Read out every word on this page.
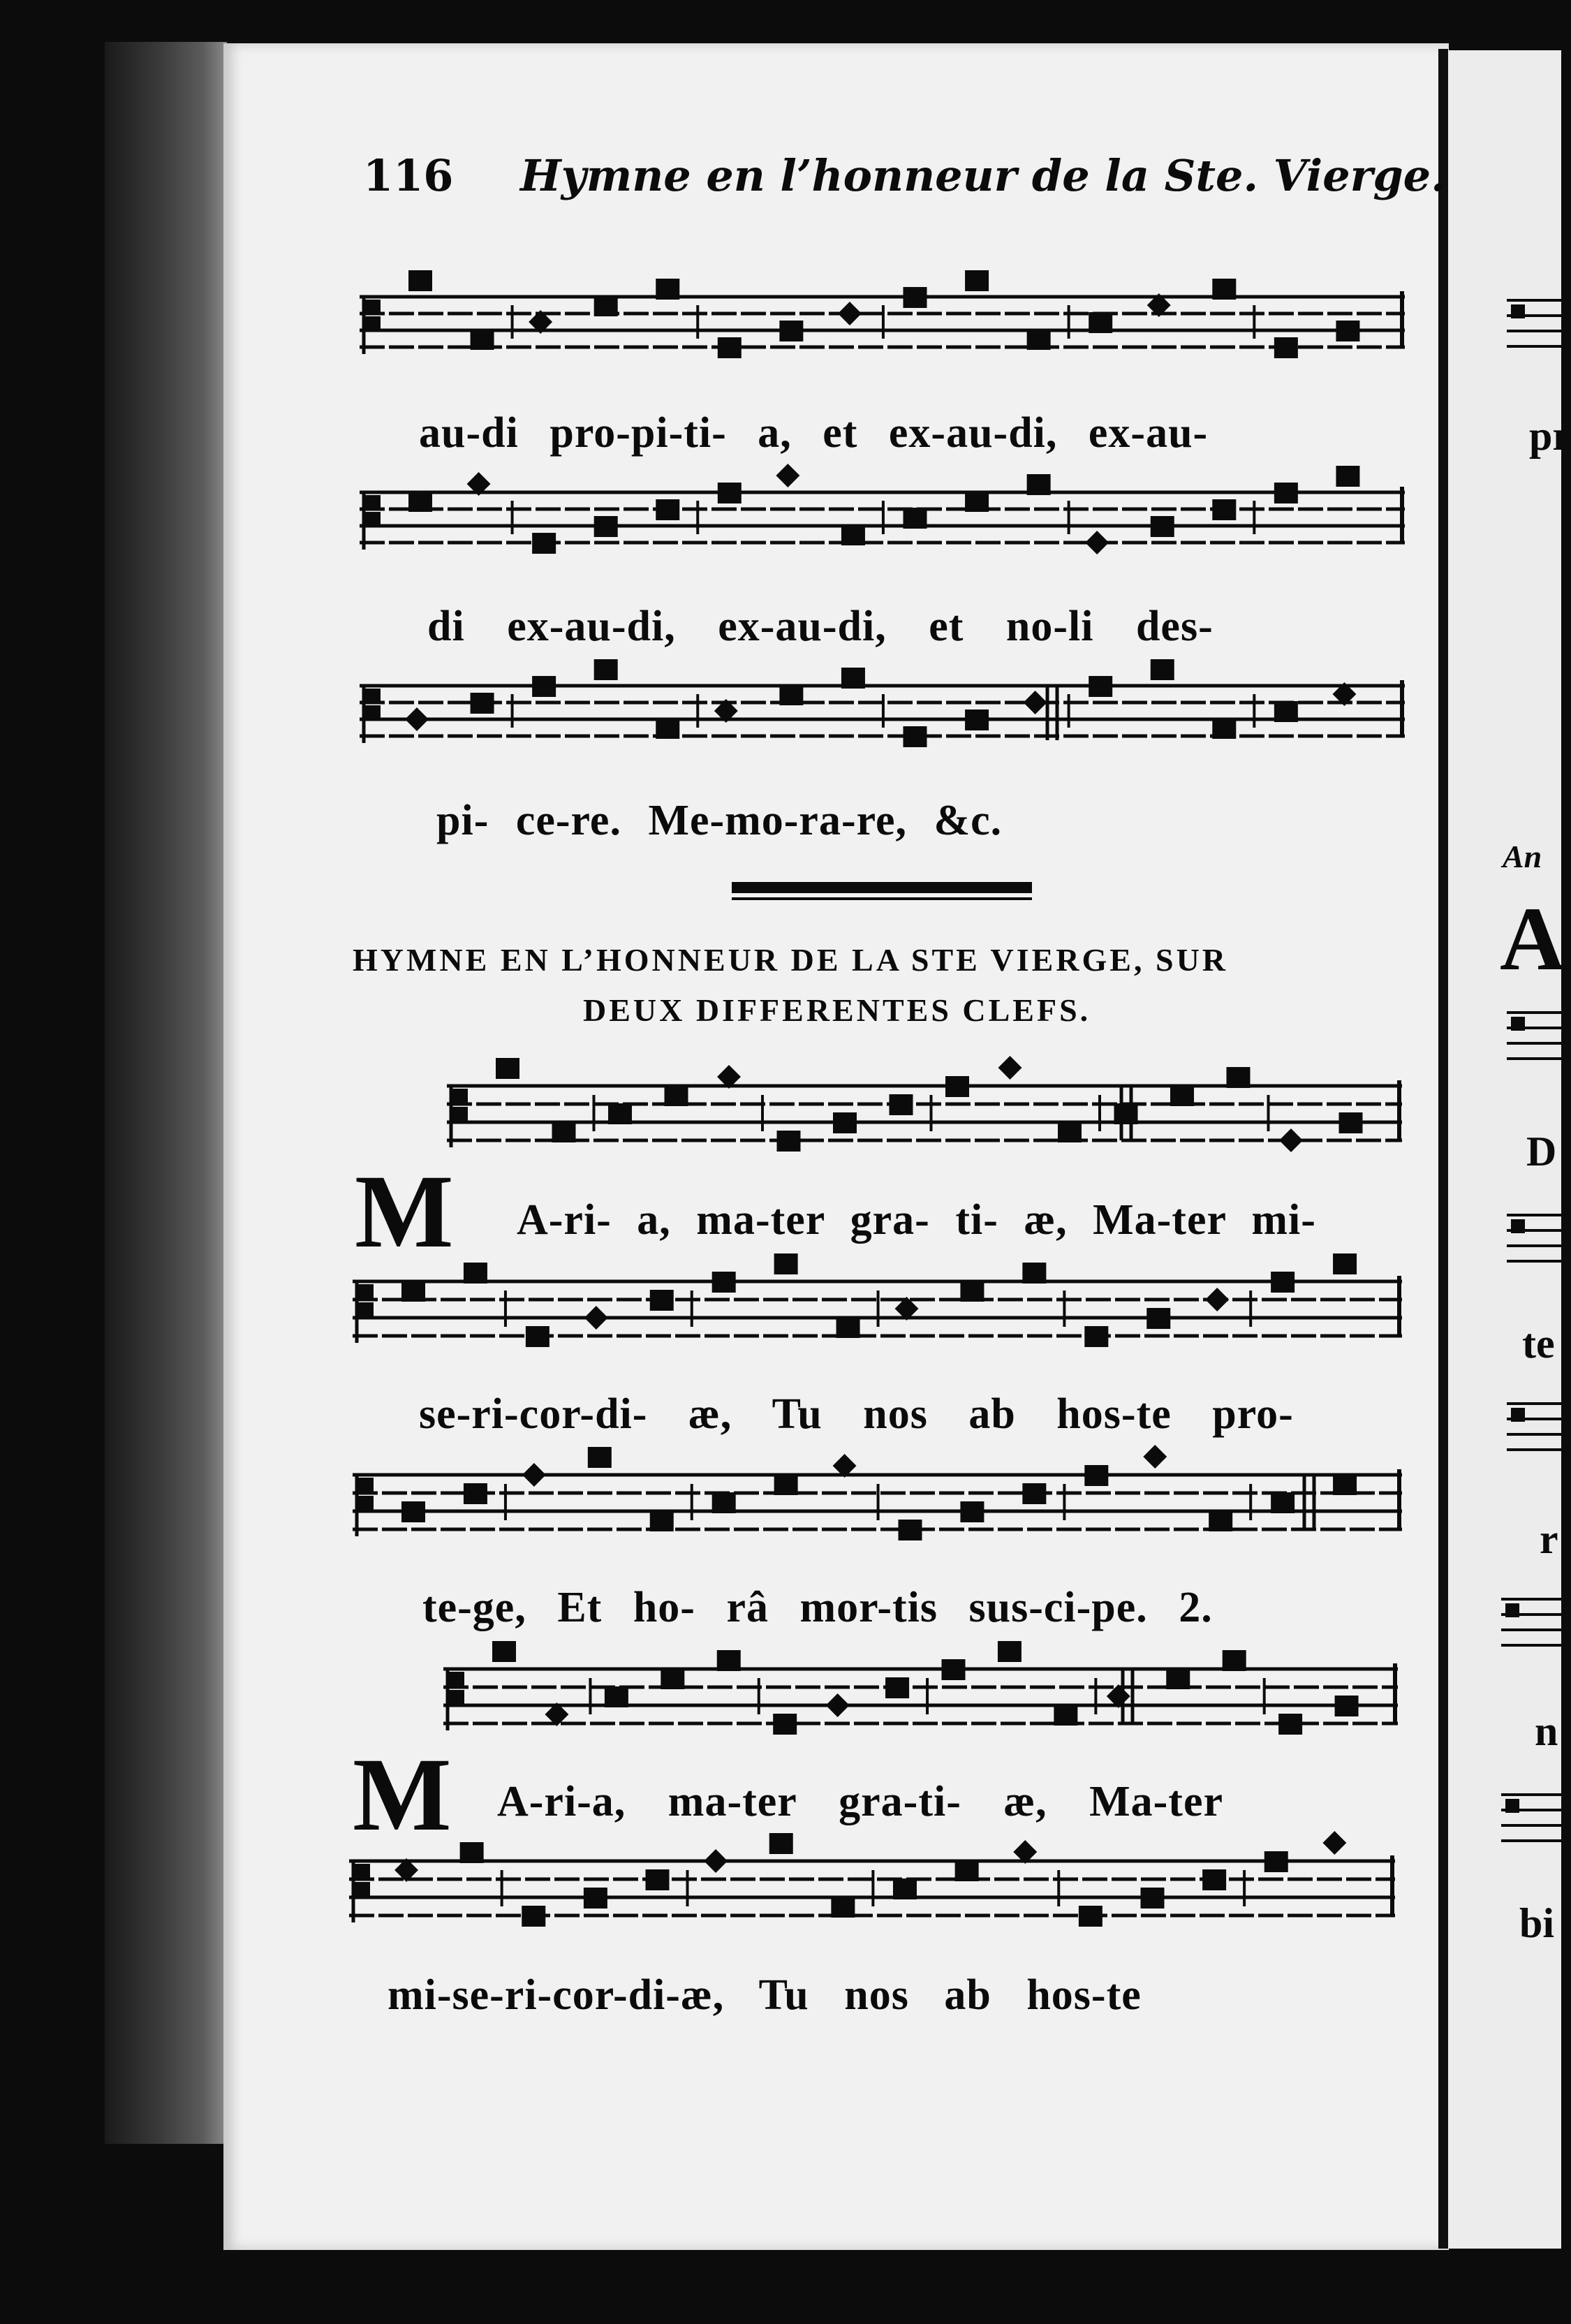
116 Hymne en l’honneur de la Ste. Vierge.
au-di pro-pi-ti- a, et ex-au-di, ex-au-
di ex-au-di, ex-au-di, et no-li des-
pi- ce-re. Me-mo-ra-re, &c.
HYMNE EN L’HONNEUR DE LA STE VIERGE, SUR
DEUX DIFFERENTES CLEFS.
M A-ri- a, ma-ter gra- ti- æ, Ma-ter mi-
se-ri-cor-di- æ, Tu nos ab hos-te pro-
te-ge, Et ho- râ mor-tis sus-ci-pe. 2.
M A-ri-a, ma-ter gra-ti- æ, Ma-ter
mi-se-ri-cor-di-æ, Tu nos ab hos-te
pr
An
A
D
te
r
n
bi
